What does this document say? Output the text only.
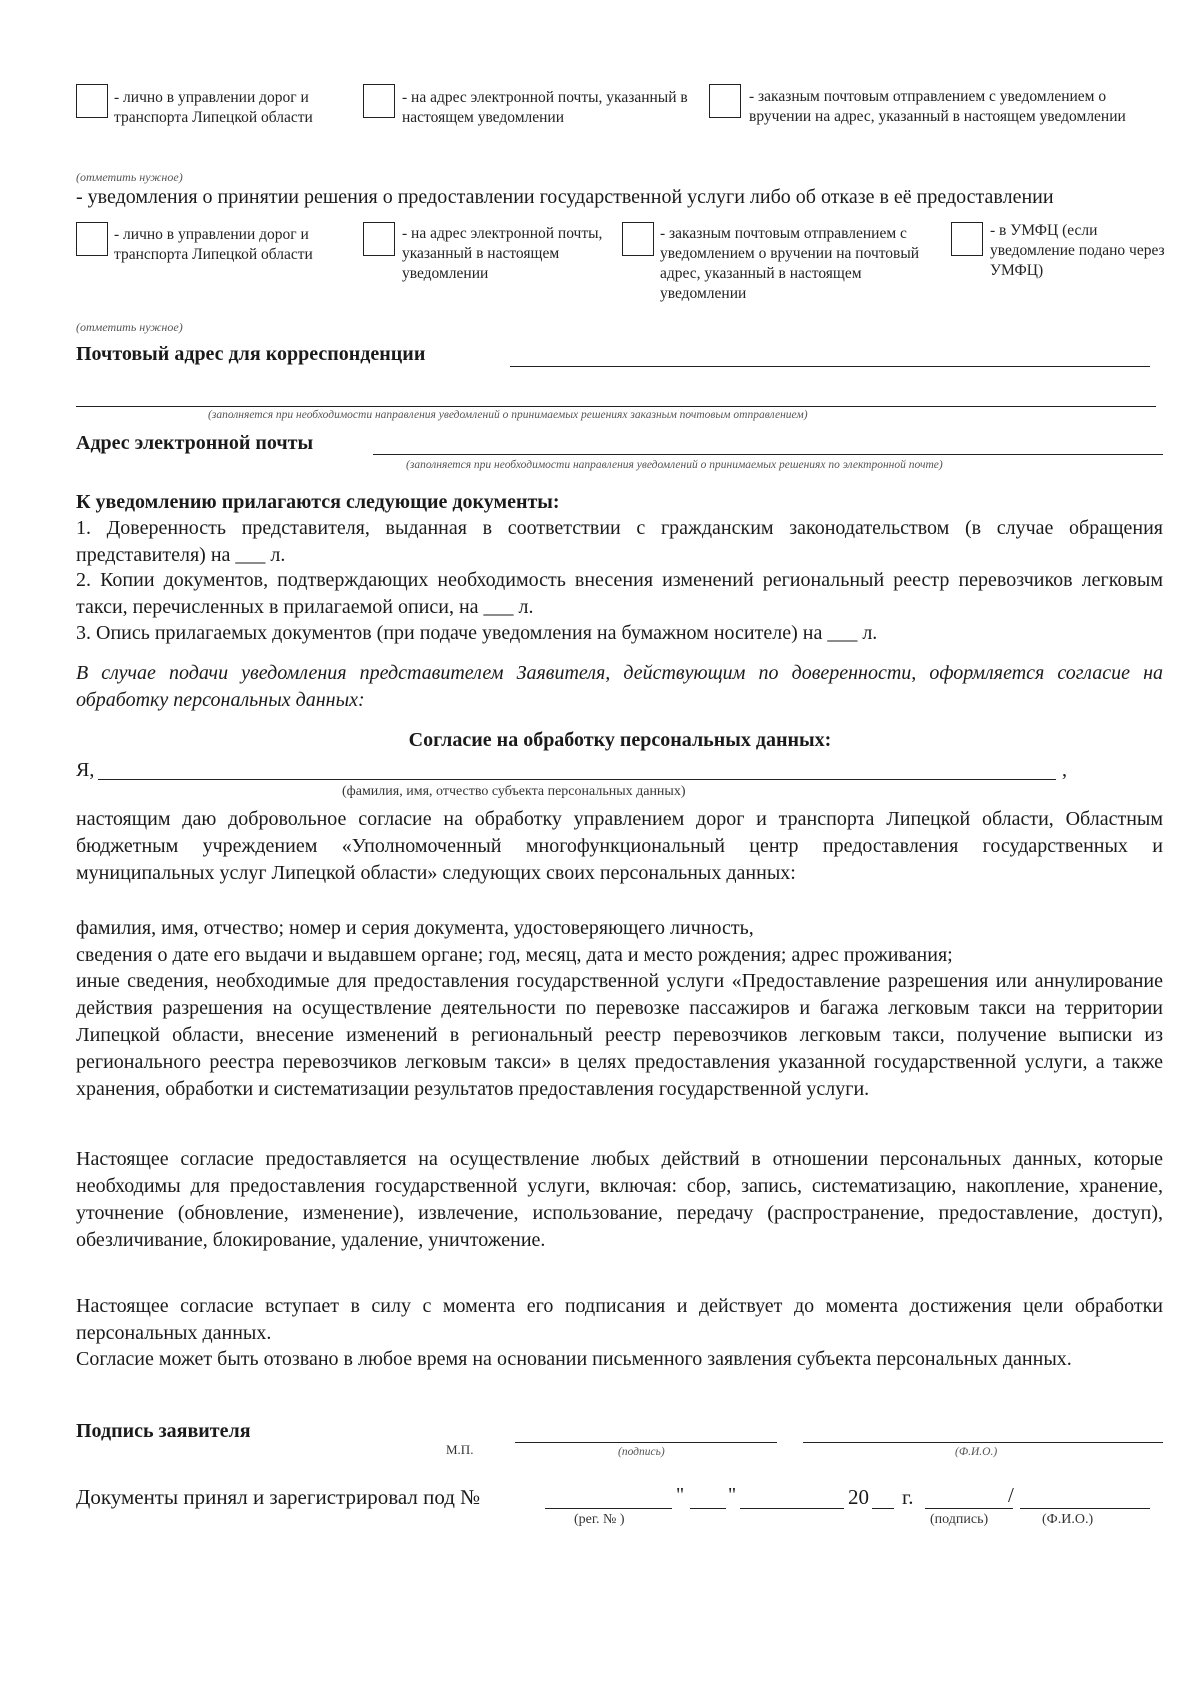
- лично в управлении дорог и транспорта Липецкой области
- на адрес электронной почты, указанный в настоящем уведомлении
- заказным почтовым отправлением с уведомлением о вручении на адрес, указанный в настоящем уведомлении
(отметить нужное)
- уведомления о принятии решения о предоставлении государственной услуги либо об отказе в её предоставлении
- лично в управлении дорог и транспорта Липецкой области
- на адрес электронной почты, указанный в настоящем уведомлении
- заказным почтовым отправлением с уведомлением о вручении на почтовый адрес, указанный в настоящем уведомлении
- в УМФЦ (если уведомление подано через УМФЦ)
(отметить нужное)
Почтовый адрес для корреспонденции
(заполняется при необходимости направления уведомлений о принимаемых решениях заказным почтовым отправлением)
Адрес электронной почты
(заполняется при необходимости направления уведомлений о принимаемых решениях по электронной почте)
К уведомлению прилагаются следующие документы:
1. Доверенность представителя, выданная в соответствии с гражданским законодательством (в случае обращения представителя) на ___ л.
2. Копии документов, подтверждающих необходимость внесения изменений региональный реестр перевозчиков легковым такси, перечисленных в прилагаемой описи, на ___ л.
3. Опись прилагаемых документов (при подаче уведомления на бумажном носителе) на ___ л.
В случае подачи уведомления представителем Заявителя, действующим по доверенности, оформляется согласие на обработку персональных данных:
Согласие на обработку персональных данных:
Я,	,
(фамилия, имя, отчество субъекта персональных данных)
настоящим даю добровольное согласие на обработку управлением дорог и транспорта Липецкой области, Областным бюджетным учреждением «Уполномоченный многофункциональный центр предоставления государственных и муниципальных услуг Липецкой области» следующих своих персональных данных:
фамилия, имя, отчество; номер и серия документа, удостоверяющего личность,
сведения о дате его выдачи и выдавшем органе; год, месяц, дата и место рождения; адрес проживания;
иные сведения, необходимые для предоставления государственной услуги «Предоставление разрешения или аннулирование действия разрешения на осуществление деятельности по перевозке пассажиров и багажа легковым такси на территории Липецкой области, внесение изменений в региональный реестр перевозчиков легковым такси, получение выписки из регионального реестра перевозчиков легковым такси» в целях предоставления указанной государственной услуги, а также хранения, обработки и систематизации результатов предоставления государственной услуги.
Настоящее согласие предоставляется на осуществление любых действий в отношении персональных данных, которые необходимы для предоставления государственной услуги, включая: сбор, запись, систематизацию, накопление, хранение, уточнение (обновление, изменение), извлечение, использование, передачу (распространение, предоставление, доступ), обезличивание, блокирование, удаление, уничтожение.
Настоящее согласие вступает в силу с момента его подписания и действует до момента достижения цели обработки персональных данных.
Согласие может быть отозвано в любое время на основании письменного заявления субъекта персональных данных.
Подпись заявителя
М.П.	(подпись)	(Ф.И.О.)
Документы принял и зарегистрировал под №
(рег. № )
" "	20 г.	/
(подпись)	(Ф.И.О.)
